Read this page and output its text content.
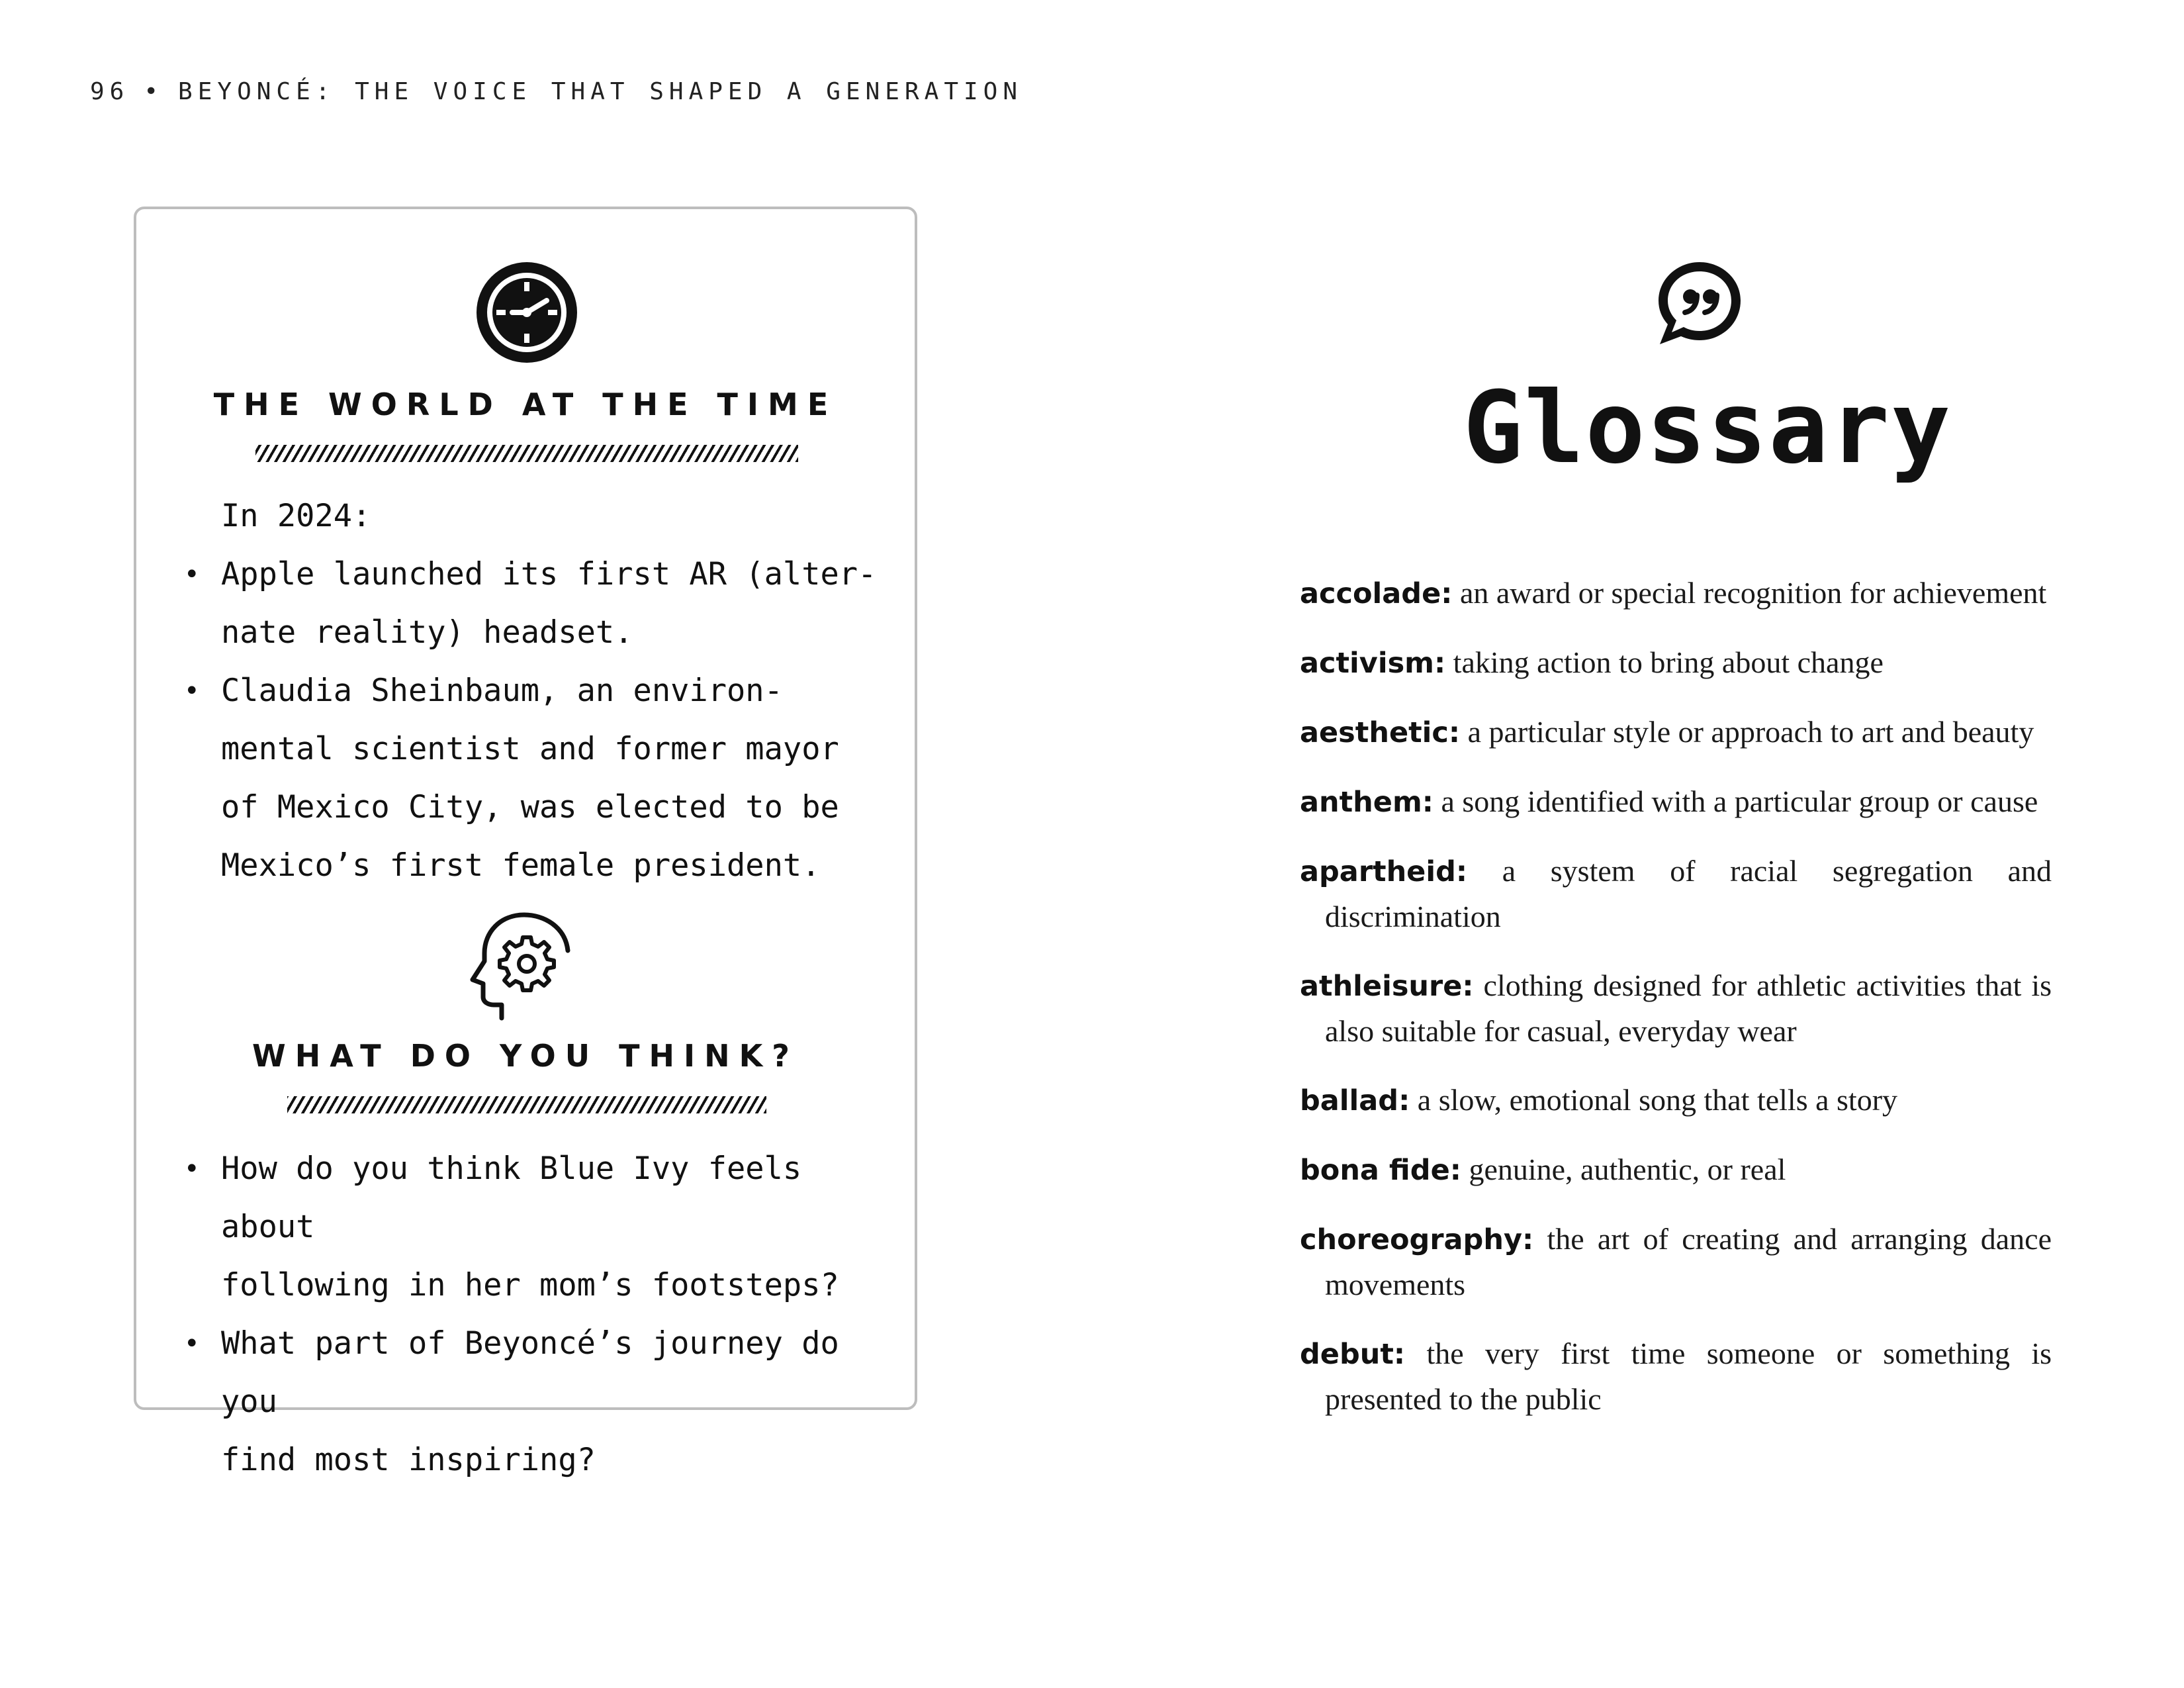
96 • BEYONCÉ: THE VOICE THAT SHAPED A GENERATION
THE WORLD AT THE TIME
In 2024:
• Apple launched its first AR (alter-
nate reality) headset.
• Claudia Sheinbaum, an environ-
mental scientist and former mayor
of Mexico City, was elected to be
Mexico’s first female president.
WHAT DO YOU THINK?
• How do you think Blue Ivy feels about
following in her mom’s footsteps?
• What part of Beyoncé’s journey do you
find most inspiring?
Glossary
accolade: an award or special recognition for achievement
activism: taking action to bring about change
aesthetic: a particular style or approach to art and beauty
anthem: a song identified with a particular group or cause
apartheid: a system of racial segregation and discrimination
athleisure: clothing designed for athletic activities that is also suitable for casual, everyday wear
ballad: a slow, emotional song that tells a story
bona fide: genuine, authentic, or real
choreography: the art of creating and arranging dance movements
debut: the very first time someone or something is presented to the public
